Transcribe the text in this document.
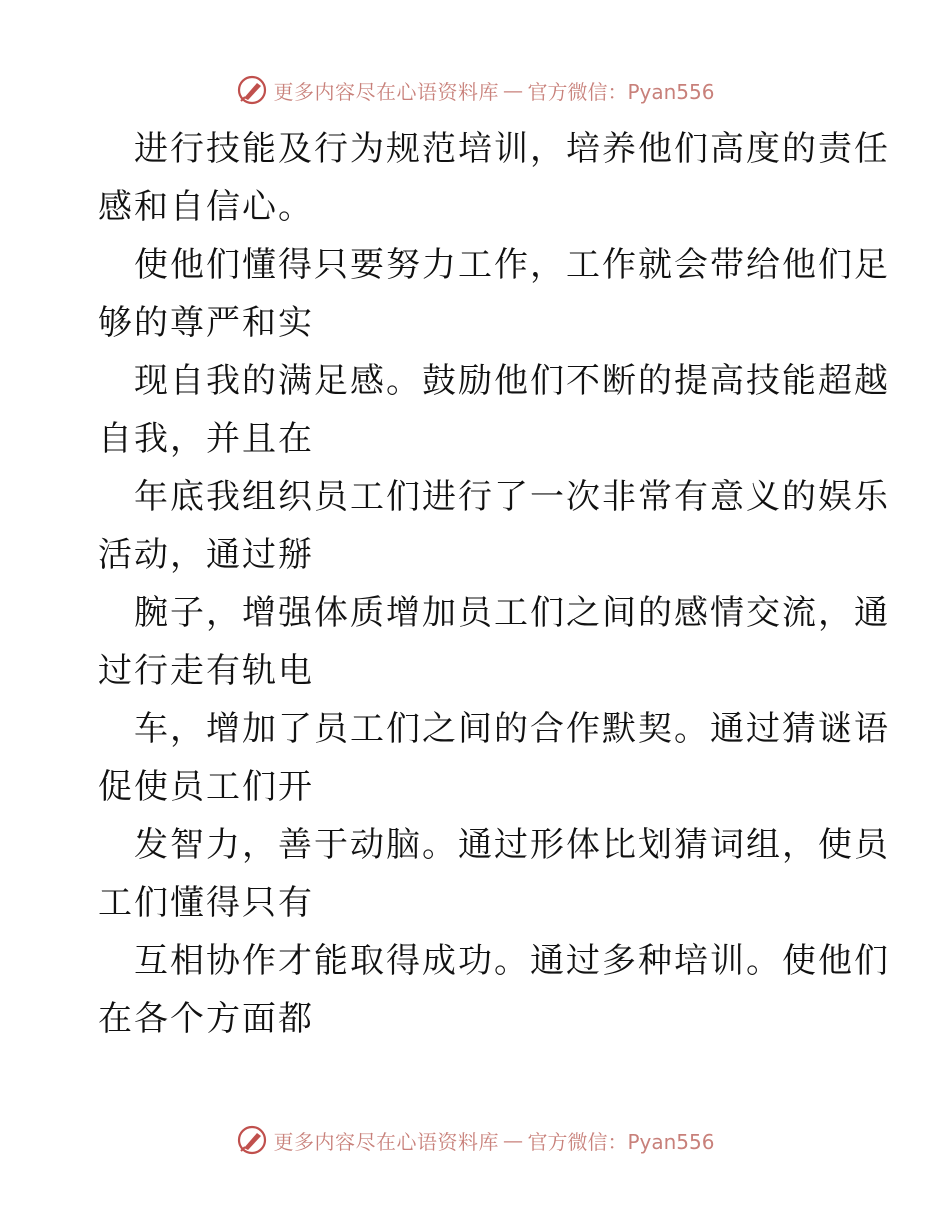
更多内容尽在心语资料库 — 官方微信：Pyan556
进行技能及行为规范培训，培养他们高度的责任
感和自信心。
使他们懂得只要努力工作，工作就会带给他们足
够的尊严和实
现自我的满足感。鼓励他们不断的提高技能超越
自我，并且在
年底我组织员工们进行了一次非常有意义的娱乐
活动，通过掰
腕子，增强体质增加员工们之间的感情交流，通
过行走有轨电
车，增加了员工们之间的合作默契。通过猜谜语
促使员工们开
发智力，善于动脑。通过形体比划猜词组，使员
工们懂得只有
互相协作才能取得成功。通过多种培训。使他们
在各个方面都
更多内容尽在心语资料库 — 官方微信：Pyan556
